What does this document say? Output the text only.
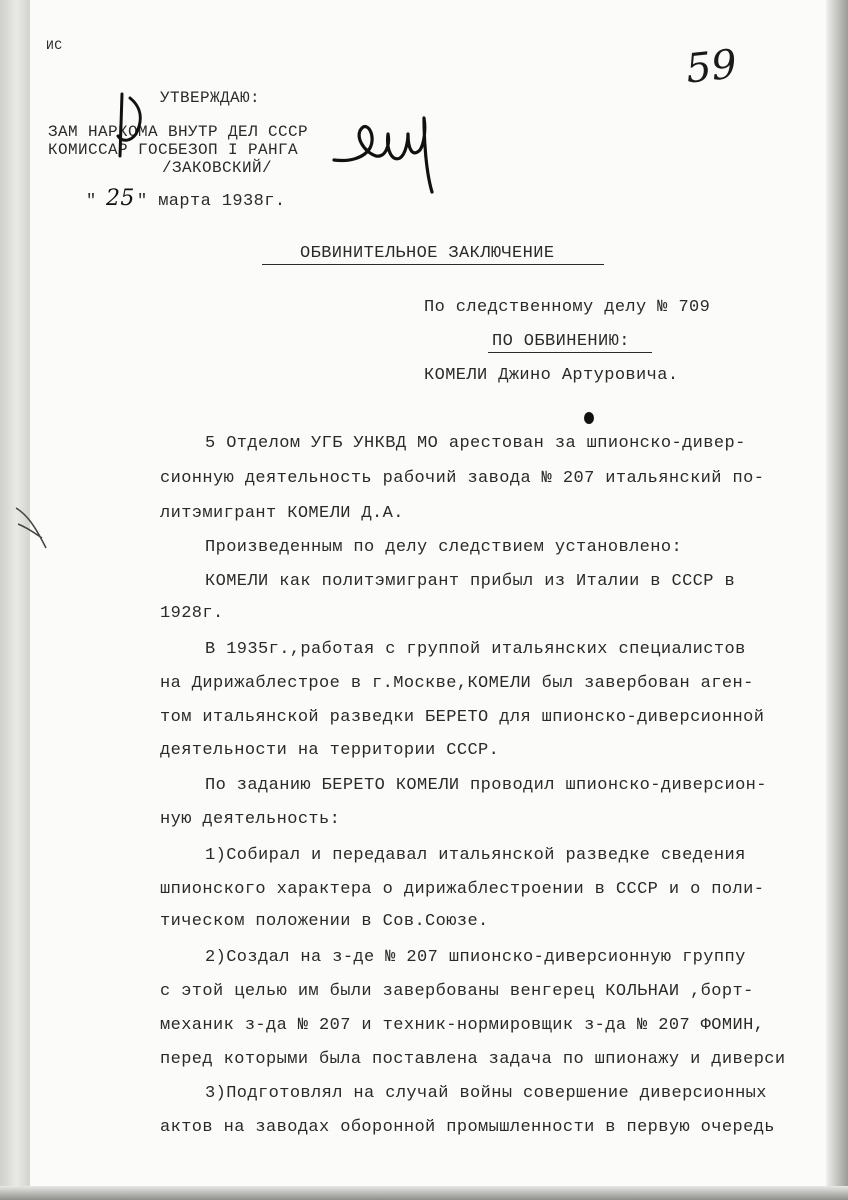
ИС	59
УТВЕРЖДАЮ:
ЗАМ НАРКОМА ВНУТР ДЕЛ СССР
КОМИССАР ГОСБЕЗОП I РАНГА
/ЗАКОВСКИЙ/
" 25 " марта 1938г.
ОБВИНИТЕЛЬНОЕ ЗАКЛЮЧЕНИЕ
По следственному делу № 709
ПО ОБВИНЕНИЮ:
КОМЕЛИ Джино Артуровича.
5 Отделом УГБ УНКВД МО арестован за шпионско-дивер-
сионную деятельность рабочий завода № 207 итальянский по-
литэмигрант КОМЕЛИ Д.А.
Произведенным по делу следствием установлено:
КОМЕЛИ как политэмигрант прибыл из Италии в СССР в
1928г.
В 1935г.,работая с группой итальянских специалистов
на Дирижаблестрое в г.Москве,КОМЕЛИ был завербован аген-
том итальянской разведки БЕРЕТО для шпионско-диверсионной
деятельности на территории СССР.
По заданию БЕРЕТО КОМЕЛИ проводил шпионско-диверсион-
ную деятельность:
1)Собирал и передавал итальянской разведке сведения
шпионского характера о дирижаблестроении в СССР и о поли-
тическом положении в Сов.Союзе.
2)Создал на з-де № 207 шпионско-диверсионную группу
с этой целью им были завербованы венгерец КОЛЬНАИ ,борт-
механик з-да № 207 и техник-нормировщик з-да № 207 ФОМИН,
перед которыми была поставлена задача по шпионажу и диверси
3)Подготовлял на случай войны совершение диверсионных
актов на заводах оборонной промышленности в первую очередь
